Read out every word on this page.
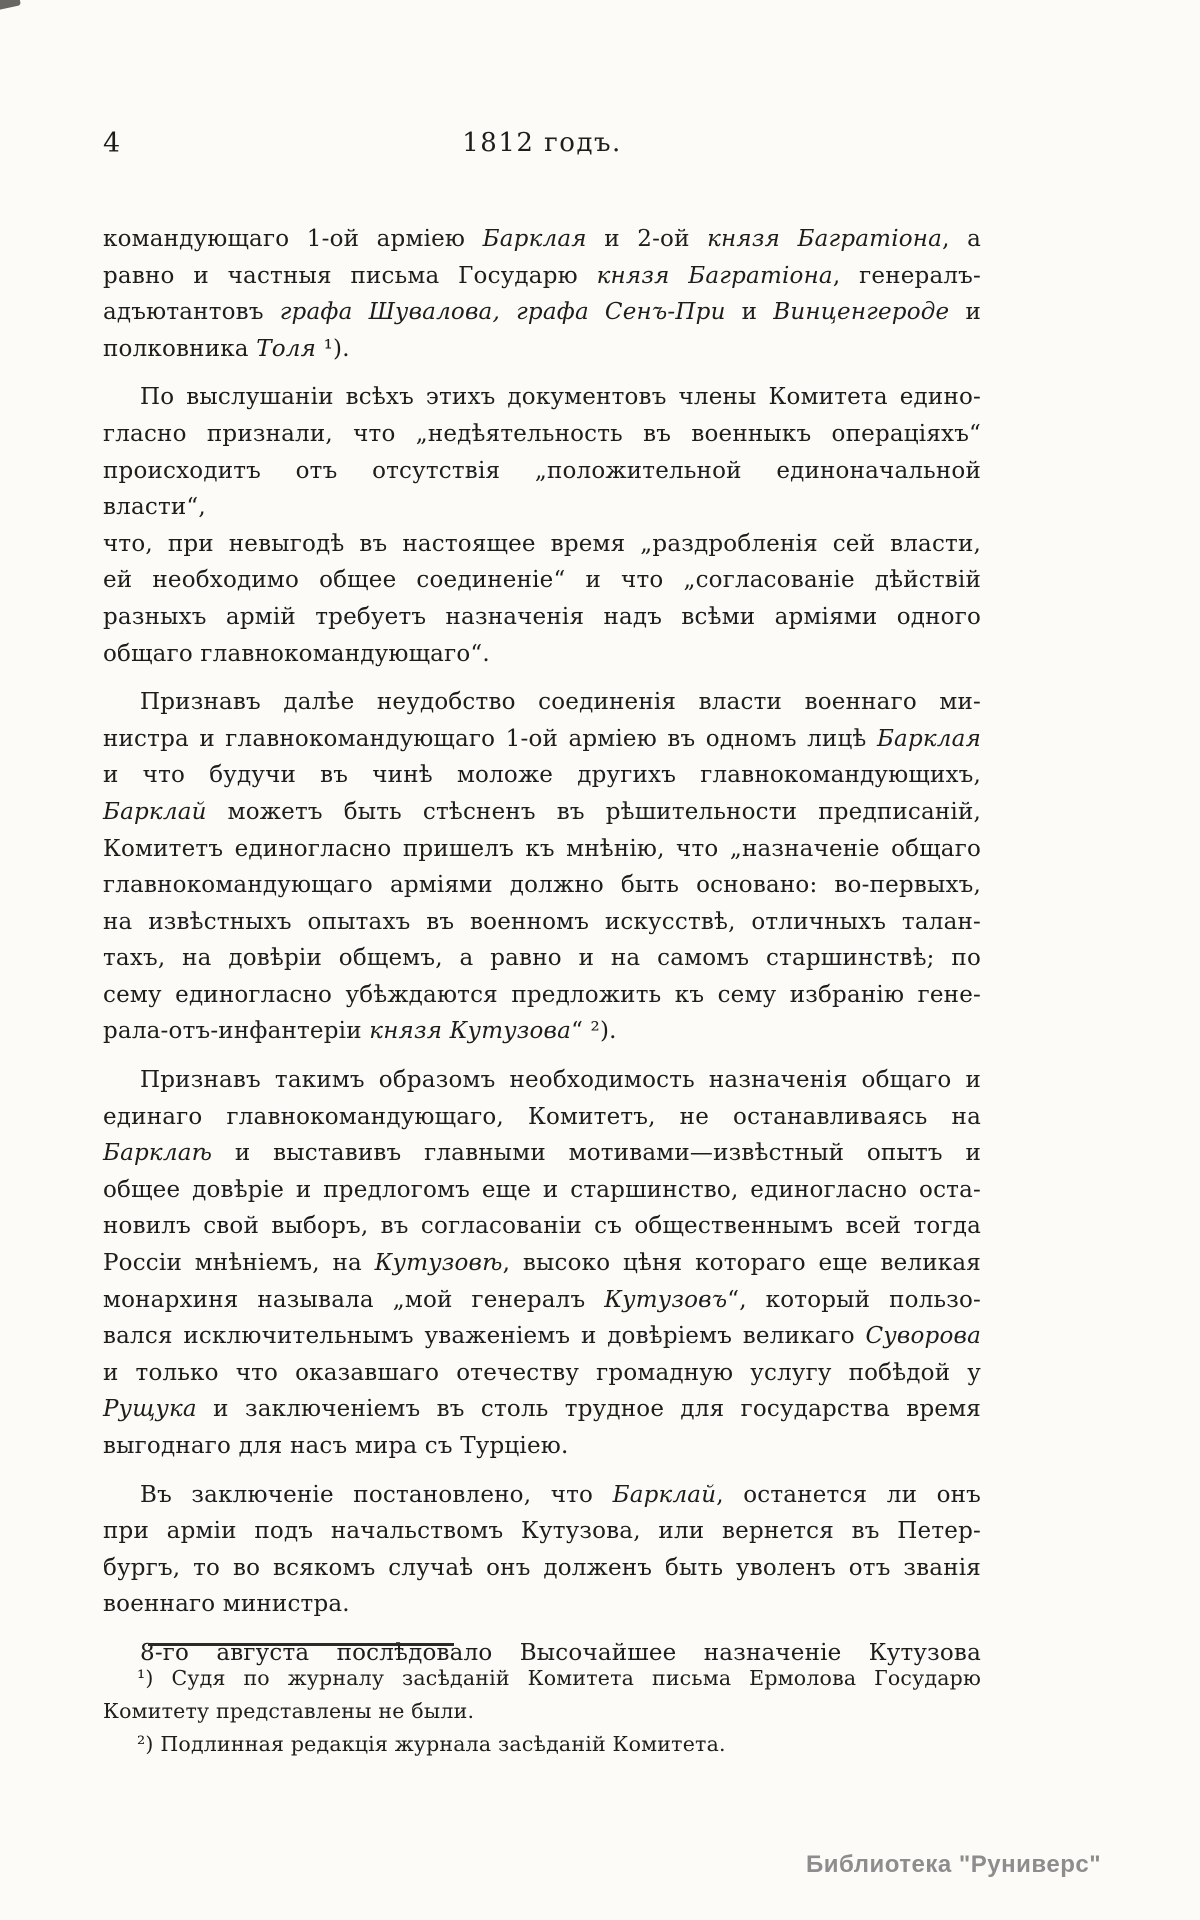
4	1812 годъ.
командующаго 1-ой арміею Барклая и 2-ой князя Багратіона, а
равно и частныя письма Государю князя Багратіона, генералъ-
адъютантовъ графа Шувалова, графа Сенъ-При и Винценгероде и
полковника Толя ¹).
По выслушаніи всѣхъ этихъ документовъ члены Комитета едино-
гласно признали, что „недѣятельность въ военныкъ операціяхъ“
происходитъ отъ отсутствія „положительной единоначальной власти“,
что, при невыгодѣ въ настоящее время „раздробленія сей власти,
ей необходимо общее соединеніе“ и что „согласованіе дѣйствій
разныхъ армій требуетъ назначенія надъ всѣми арміями одного
общаго главнокомандующаго“.
Признавъ далѣе неудобство соединенія власти военнаго ми-
нистра и главнокомандующаго 1-ой арміею въ одномъ лицѣ Барклая
и что будучи въ чинѣ моложе другихъ главнокомандующихъ,
Барклай можетъ быть стѣсненъ въ рѣшительности предписаній,
Комитетъ единогласно пришелъ къ мнѣнію, что „назначеніе общаго
главнокомандующаго арміями должно быть основано: во-первыхъ,
на извѣстныхъ опытахъ въ военномъ искусствѣ, отличныхъ талан-
тахъ, на довѣріи общемъ, а равно и на самомъ старшинствѣ; по
сему единогласно убѣждаются предложить къ сему избранію гене-
рала-отъ-инфантеріи князя Кутузова“ ²).
Признавъ такимъ образомъ необходимость назначенія общаго и
единаго главнокомандующаго, Комитетъ, не останавливаясь на
Барклаѣ и выставивъ главными мотивами—извѣстный опытъ и
общее довѣріе и предлогомъ еще и старшинство, единогласно оста-
новилъ свой выборъ, въ согласованіи съ общественнымъ всей тогда
Россіи мнѣніемъ, на Кутузовѣ, высоко цѣня котораго еще великая
монархиня называла „мой генералъ Кутузовъ“, который пользо-
вался исключительнымъ уваженіемъ и довѣріемъ великаго Суворова
и только что оказавшаго отечеству громадную услугу побѣдой у
Рущука и заключеніемъ въ столь трудное для государства время
выгоднаго для насъ мира съ Турціею.
Въ заключеніе постановлено, что Барклай, останется ли онъ
при арміи подъ начальствомъ Кутузова, или вернется въ Петер-
бургъ, то во всякомъ случаѣ онъ долженъ быть уволенъ отъ званія
военнаго министра.
8-го августа послѣдовало Высочайшее назначеніе Кутузова
¹) Судя по журналу засѣданій Комитета письма Ермолова Государю
Комитету представлены не были.
²) Подлинная редакція журнала засѣданій Комитета.
Библиотека "Руниверс"
